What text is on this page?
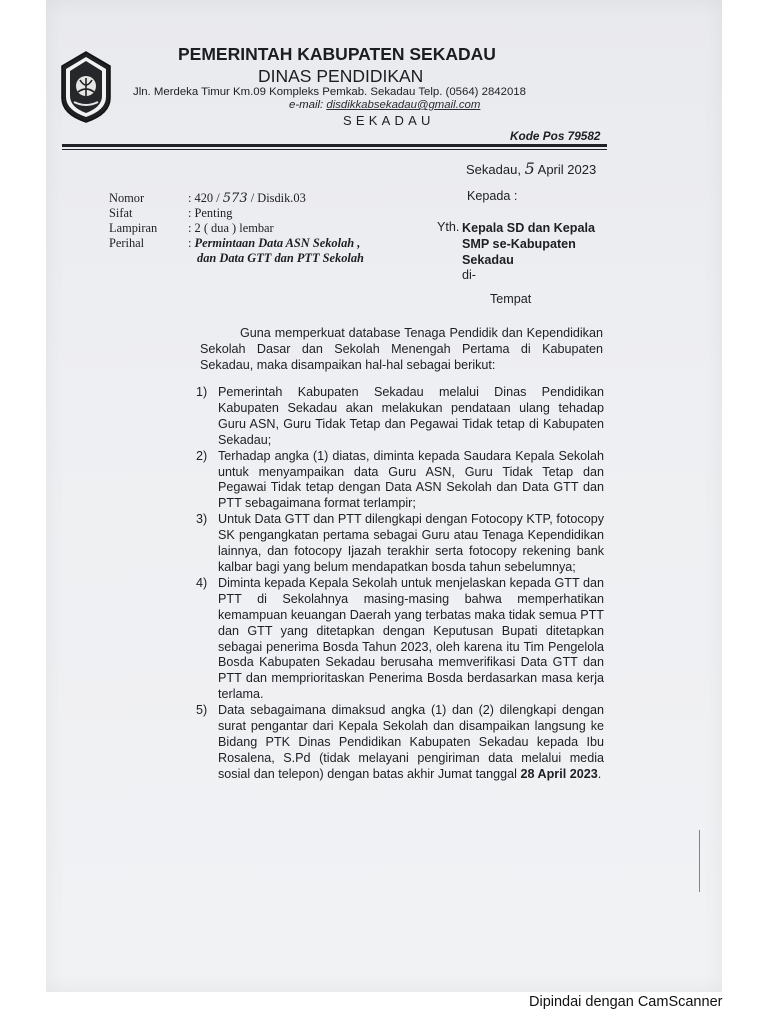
PEMERINTAH KABUPATEN SEKADAU
DINAS PENDIDIKAN
Jln. Merdeka Timur Km.09 Kompleks Pemkab. Sekadau Telp. (0564) 2842018
e-mail: disdikkabsekadau@gmail.com
SEKADAU
Kode Pos 79582
Sekadau, 5 April 2023
Nomor	: 420 / 573 / Disdik.03
Sifat	: Penting
Lampiran : 2 ( dua ) lembar
Perihal	: Permintaan Data ASN Sekolah ,
dan Data GTT dan PTT Sekolah
Kepada :
Yth. Kepala SD dan Kepala SMP se-Kabupaten Sekadau
di-
Tempat
Guna memperkuat database Tenaga Pendidik dan Kependidikan Sekolah Dasar dan Sekolah Menengah Pertama di Kabupaten Sekadau, maka disampaikan hal-hal sebagai berikut:
1) Pemerintah Kabupaten Sekadau melalui Dinas Pendidikan Kabupaten Sekadau akan melakukan pendataan ulang tehadap Guru ASN, Guru Tidak Tetap dan Pegawai Tidak tetap di Kabupaten Sekadau;
2) Terhadap angka (1) diatas, diminta kepada Saudara Kepala Sekolah untuk menyampaikan data Guru ASN, Guru Tidak Tetap dan Pegawai Tidak tetap dengan Data ASN Sekolah dan Data GTT dan PTT sebagaimana format terlampir;
3) Untuk Data GTT dan PTT dilengkapi dengan Fotocopy KTP, fotocopy SK pengangkatan pertama sebagai Guru atau Tenaga Kependidikan lainnya, dan fotocopy Ijazah terakhir serta fotocopy rekening bank kalbar bagi yang belum mendapatkan bosda tahun sebelumnya;
4) Diminta kepada Kepala Sekolah untuk menjelaskan kepada GTT dan PTT di Sekolahnya masing-masing bahwa memperhatikan kemampuan keuangan Daerah yang terbatas maka tidak semua PTT dan GTT yang ditetapkan dengan Keputusan Bupati ditetapkan sebagai penerima Bosda Tahun 2023, oleh karena itu Tim Pengelola Bosda Kabupaten Sekadau berusaha memverifikasi Data GTT dan PTT dan memprioritaskan Penerima Bosda berdasarkan masa kerja terlama.
5) Data sebagaimana dimaksud angka (1) dan (2) dilengkapi dengan surat pengantar dari Kepala Sekolah dan disampaikan langsung ke Bidang PTK Dinas Pendidikan Kabupaten Sekadau kepada Ibu Rosalena, S.Pd (tidak melayani pengiriman data melalui media sosial dan telepon) dengan batas akhir Jumat tanggal 28 April 2023.
Dipindai dengan CamScanner
